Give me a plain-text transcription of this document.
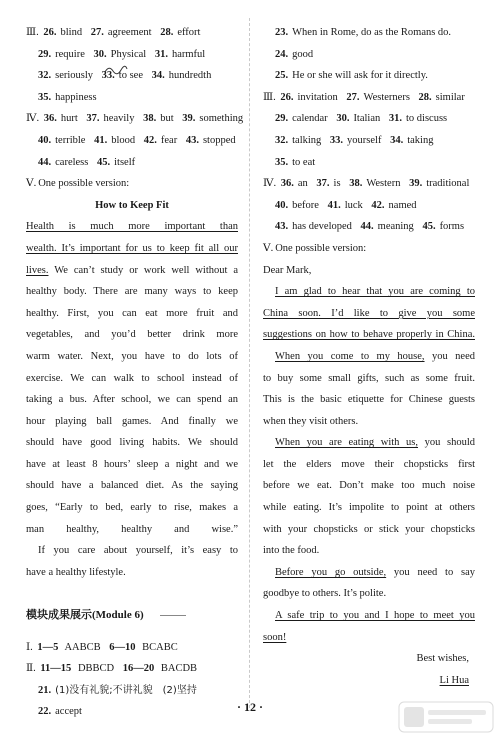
Ⅲ. 26. blind 27. agreement 28. effort
29. require 30. Physical 31. harmful
32. seriously 33. to see 34. hundredth
35. happiness
Ⅳ. 36. hurt 37. heavily 38. but 39. something
40. terrible 41. blood 42. fear 43. stopped
44. careless 45. itself
Ⅴ. One possible version:
How to Keep Fit
Health is much more important than
wealth. It’s important for us to keep fit all our
lives. We can’t study or work well without a
healthy body. There are many ways to keep
healthy. First, you can eat more fruit and
vegetables, and you’d better drink more
warm water. Next, you have to do lots of
exercise. We can walk to school instead of
taking a bus. After school, we can spend an
hour playing ball games. And finally we
should have good living habits. We should
have at least 8 hours’ sleep a night and we
should have a balanced diet. As the saying
goes, “Early to bed, early to rise, makes a
man healthy, healthy and wise.”
If you care about yourself, it’s easy to
have a healthy lifestyle.
模块成果展示(Module 6)
Ⅰ. 1—5 AABCB 6—10 BCABC
Ⅱ. 11—15 DBBCD 16—20 BACDB
21. (1)没有礼貌;不讲礼貌　(2)坚持
22. accept
23. When in Rome, do as the Romans do.
24. good
25. He or she will ask for it directly.
Ⅲ. 26. invitation 27. Westerners 28. similar
29. calendar 30. Italian 31. to discuss
32. talking 33. yourself 34. taking
35. to eat
Ⅳ. 36. an 37. is 38. Western 39. traditional
40. before 41. luck 42. named
43. has developed 44. meaning 45. forms
Ⅴ. One possible version:
Dear Mark,
I am glad to hear that you are coming to
China soon. I’d like to give you some
suggestions on how to behave properly in China.
When you come to my house, you need
to buy some small gifts, such as some fruit.
This is the basic etiquette for Chinese guests
when they visit others.
When you are eating with us, you should
let the elders move their chopsticks first
before we eat. Don’t make too much noise
while eating. It’s impolite to point at others
with your chopsticks or stick your chopsticks
into the food.
Before you go outside, you need to say
goodbye to others. It’s polite.
A safe trip to you and I hope to meet you
soon!
Best wishes,
Li Hua
· 12 ·
